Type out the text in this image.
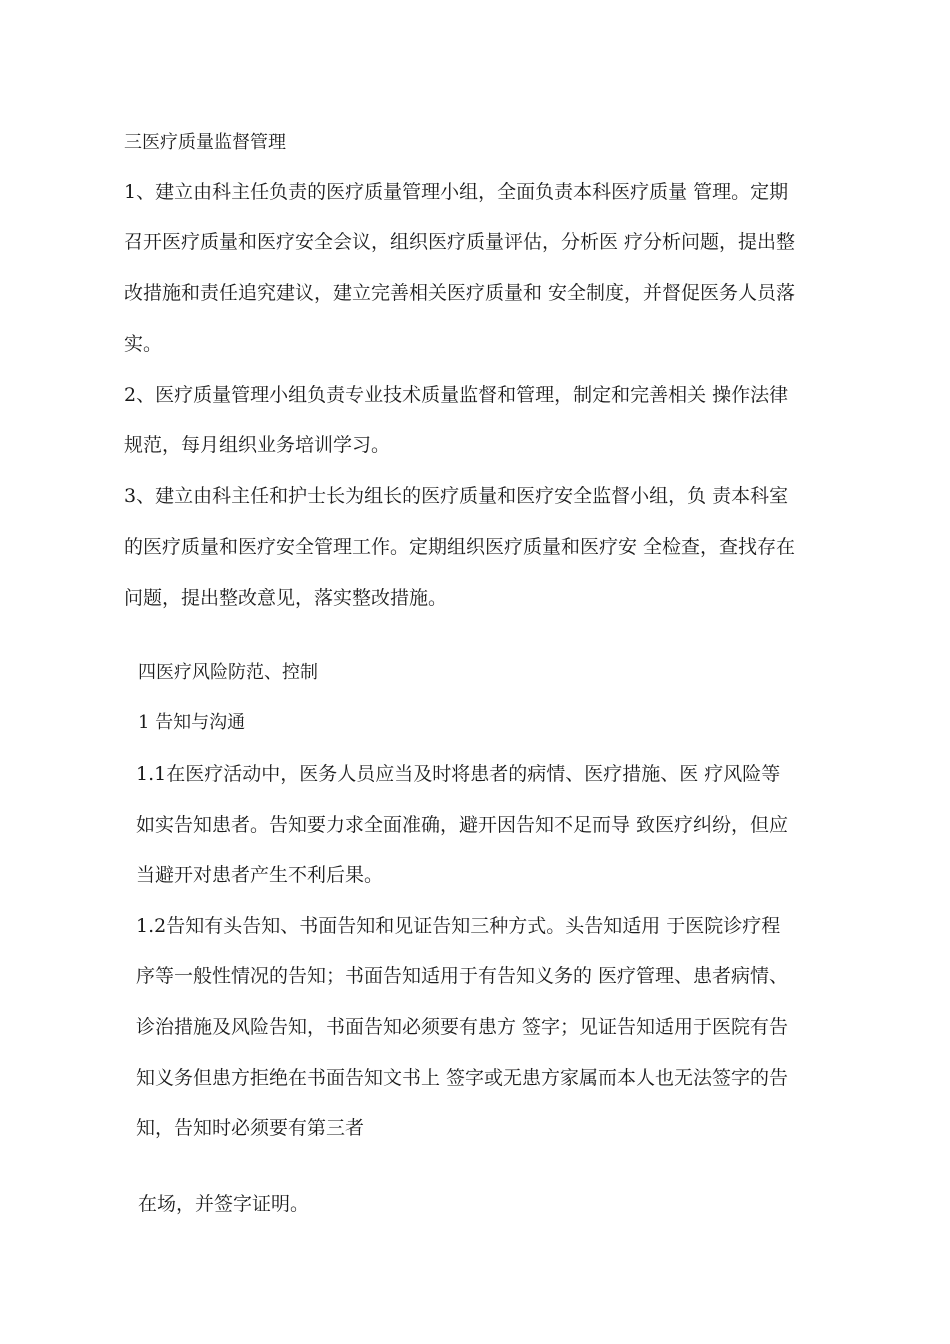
三医疗质量监督管理
1、建立由科主任负责的医疗质量管理小组，全面负责本科医疗质量 管理。定期
召开医疗质量和医疗安全会议，组织医疗质量评估，分析医 疗分析问题，提出整
改措施和责任追究建议，建立完善相关医疗质量和 安全制度，并督促医务人员落
实。
2、医疗质量管理小组负责专业技术质量监督和管理，制定和完善相关 操作法律
规范，每月组织业务培训学习。
3、建立由科主任和护士长为组长的医疗质量和医疗安全监督小组，负 责本科室
的医疗质量和医疗安全管理工作。定期组织医疗质量和医疗安 全检查，查找存在
问题，提出整改意见，落实整改措施。
四医疗风险防范、控制
1 告知与沟通
1.1在医疗活动中，医务人员应当及时将患者的病情、医疗措施、医 疗风险等
如实告知患者。告知要力求全面准确，避开因告知不足而导 致医疗纠纷，但应
当避开对患者产生不利后果。
1.2告知有头告知、书面告知和见证告知三种方式。头告知适用 于医院诊疗程
序等一般性情况的告知；书面告知适用于有告知义务的 医疗管理、患者病情、
诊治措施及风险告知，书面告知必须要有患方 签字；见证告知适用于医院有告
知义务但患方拒绝在书面告知文书上 签字或无患方家属而本人也无法签字的告
知，告知时必须要有第三者
在场，并签字证明。
